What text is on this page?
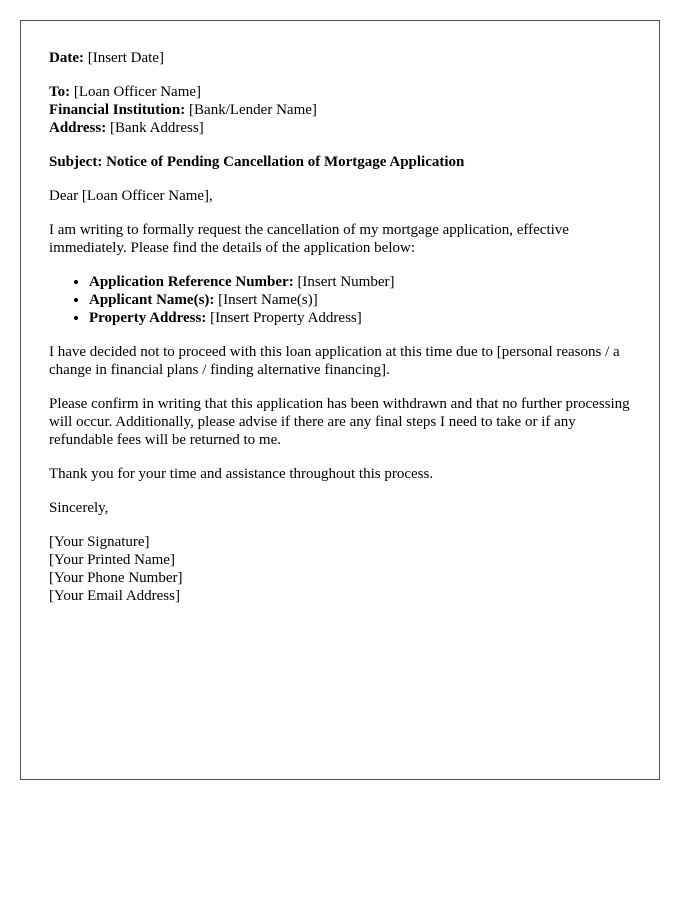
Date: [Insert Date]
To: [Loan Officer Name]
Financial Institution: [Bank/Lender Name]
Address: [Bank Address]
Subject: Notice of Pending Cancellation of Mortgage Application

Dear [Loan Officer Name],

I am writing to formally request the cancellation of my mortgage application, effective immediately. Please find the details of the application below:

• Application Reference Number: [Insert Number]
• Applicant Name(s): [Insert Name(s)]
• Property Address: [Insert Property Address]

I have decided not to proceed with this loan application at this time due to [personal reasons / a change in financial plans / finding alternative financing].

Please confirm in writing that this application has been withdrawn and that no further processing will occur. Additionally, please advise if there are any final steps I need to take or if any refundable fees will be returned to me.

Thank you for your time and assistance throughout this process.

Sincerely,

[Your Signature]
[Your Printed Name]
[Your Phone Number]
[Your Email Address]
